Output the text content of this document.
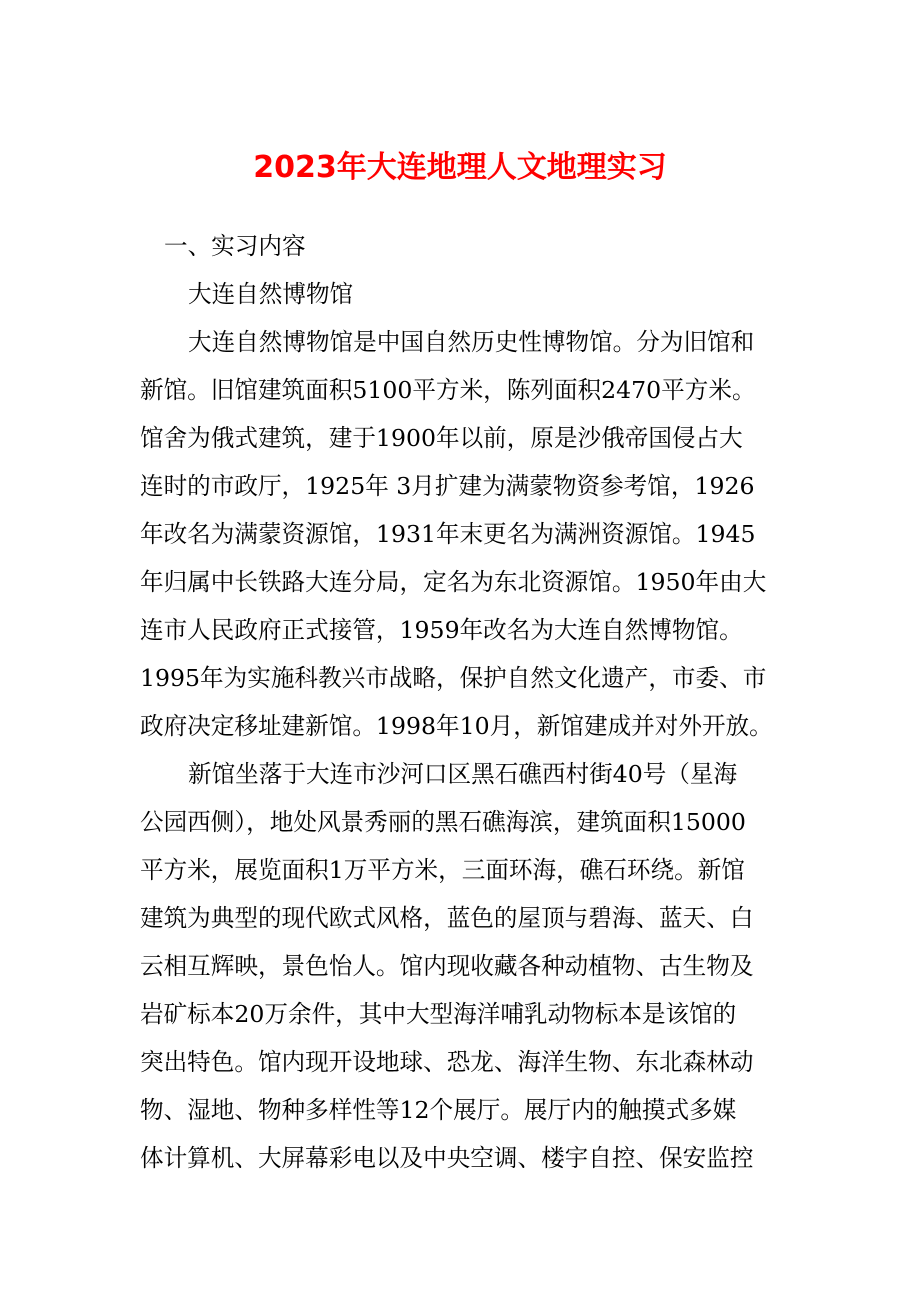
2023年大连地理人文地理实习

一、实习内容

大连自然博物馆

大连自然博物馆是中国自然历史性博物馆。分为旧馆和

新馆。旧馆建筑面积5100平方米，陈列面积2470平方米。

馆舍为俄式建筑，建于1900年以前，原是沙俄帝国侵占大

连时的市政厅，1925年 3月扩建为满蒙物资参考馆，1926

年改名为满蒙资源馆，1931年末更名为满洲资源馆。1945

年归属中长铁路大连分局，定名为东北资源馆。1950年由大

连市人民政府正式接管，1959年改名为大连自然博物馆。

1995年为实施科教兴市战略，保护自然文化遗产，市委、市

政府决定移址建新馆。1998年10月，新馆建成并对外开放。

新馆坐落于大连市沙河口区黑石礁西村街40号（星海

公园西侧），地处风景秀丽的黑石礁海滨，建筑面积15000

平方米，展览面积1万平方米，三面环海，礁石环绕。新馆

建筑为典型的现代欧式风格，蓝色的屋顶与碧海、蓝天、白

云相互辉映，景色怡人。馆内现收藏各种动植物、古生物及

岩矿标本20万余件，其中大型海洋哺乳动物标本是该馆的

突出特色。馆内现开设地球、恐龙、海洋生物、东北森林动

物、湿地、物种多样性等12个展厅。展厅内的触摸式多媒

体计算机、大屏幕彩电以及中央空调、楼宇自控、保安监控
